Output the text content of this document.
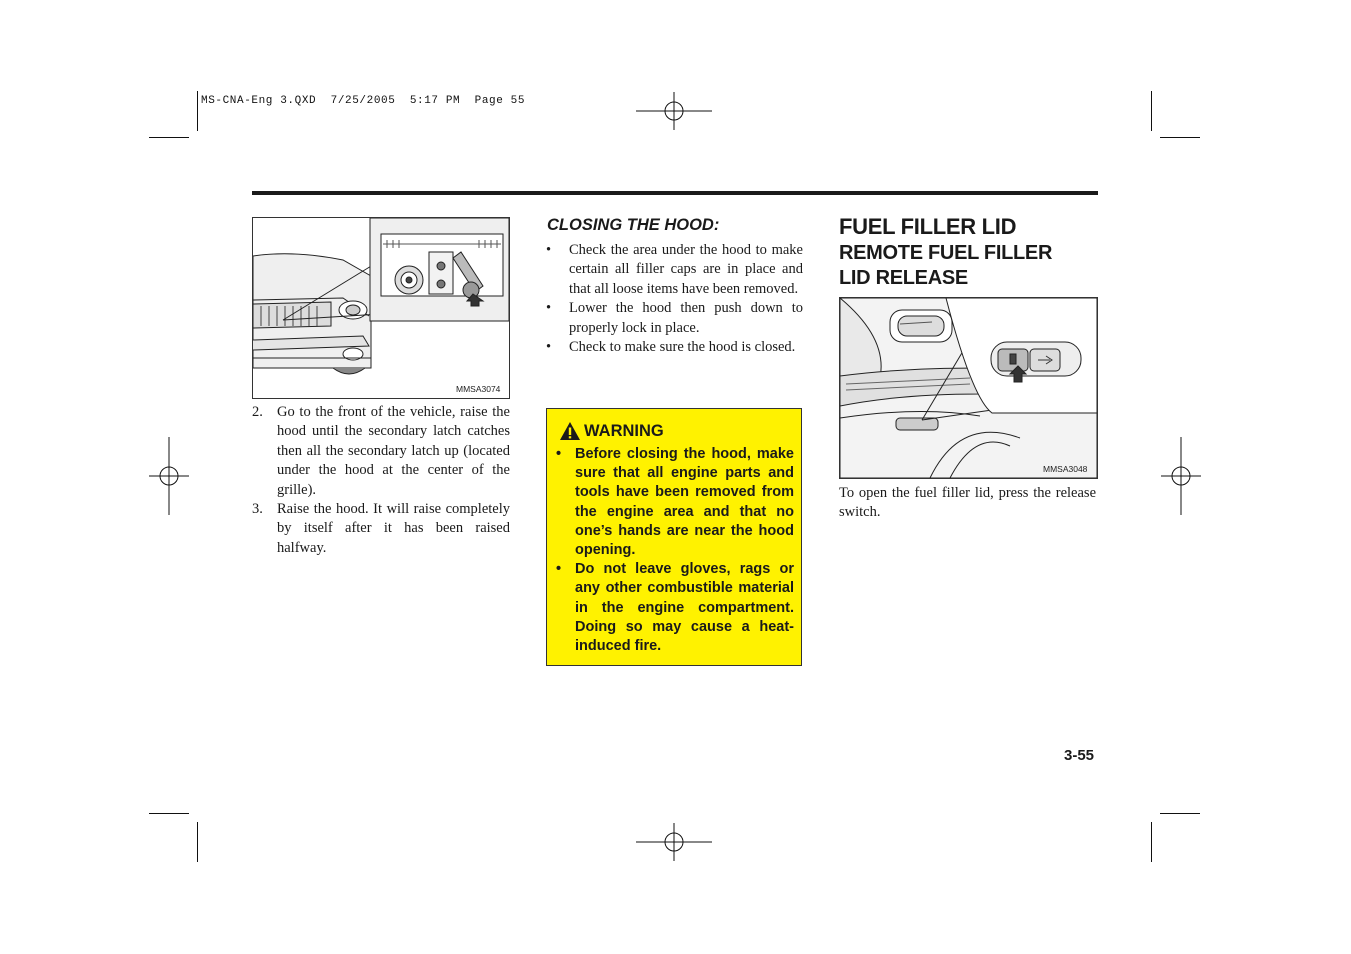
MS-CNA-Eng 3.QXD  7/25/2005  5:17 PM  Page 55
MMSA3074
2. Go to the front of the vehicle, raise the hood until the secondary latch catches then all the secondary latch up (located under the hood at the center of the grille).
3. Raise the hood. It will raise completely by itself after it has been raised halfway.
CLOSING THE HOOD:
• Check the area under the hood to make certain all filler caps are in place and that all loose items have been removed.
• Lower the hood then push down to properly lock in place.
• Check to make sure the hood is closed.
WARNING
• Before closing the hood, make sure that all engine parts and tools have been removed from the engine area and that no one’s hands are near the hood opening.
• Do not leave gloves, rags or any other combustible material in the engine compartment. Doing so may cause a heat-induced fire.
FUEL FILLER LID
REMOTE FUEL FILLER
LID RELEASE
MMSA3048
To open the fuel filler lid, press the release switch.
3-55
